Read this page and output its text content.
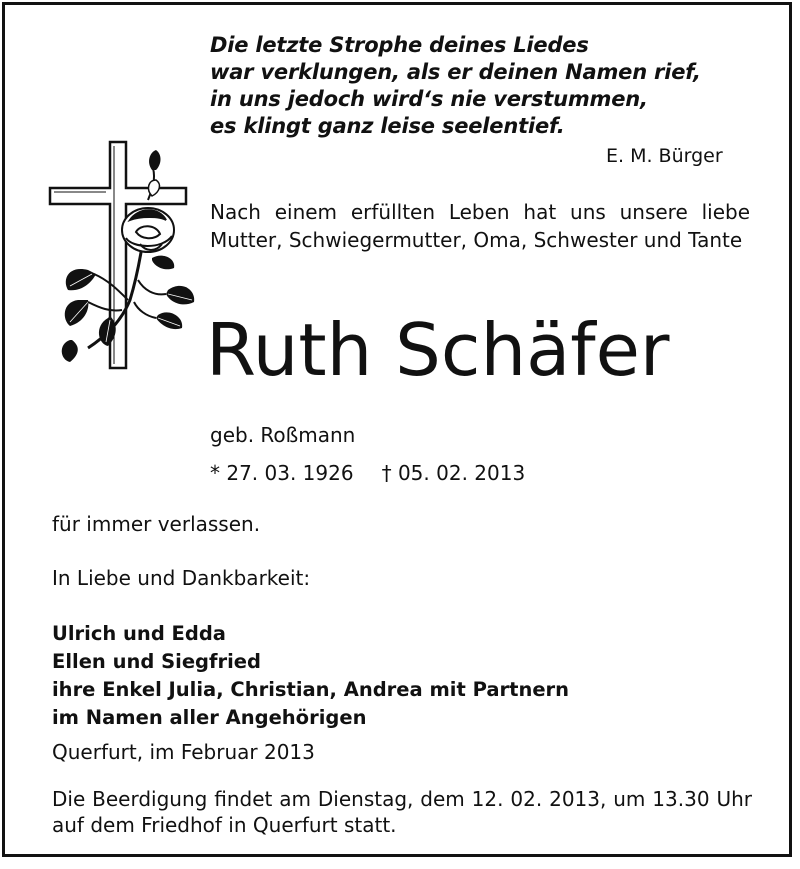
Die letzte Strophe deines Liedes
war verklungen, als er deinen Namen rief,
in uns jedoch wird‘s nie verstummen,
es klingt ganz leise seelentief.
E. M. Bürger
Nach einem erfüllten Leben hat uns unsere liebe Mutter, Schwiegermutter, Oma, Schwester und Tante
Ruth Schäfer
geb. Roßmann
* 27. 03. 1926 † 05. 02. 2013
für immer verlassen.
In Liebe und Dankbarkeit:
Ulrich und Edda
Ellen und Siegfried
ihre Enkel Julia, Christian, Andrea mit Partnern
im Namen aller Angehörigen
Querfurt, im Februar 2013
Die Beerdigung findet am Dienstag, dem 12. 02. 2013, um 13.30 Uhr auf dem Friedhof in Querfurt statt.
